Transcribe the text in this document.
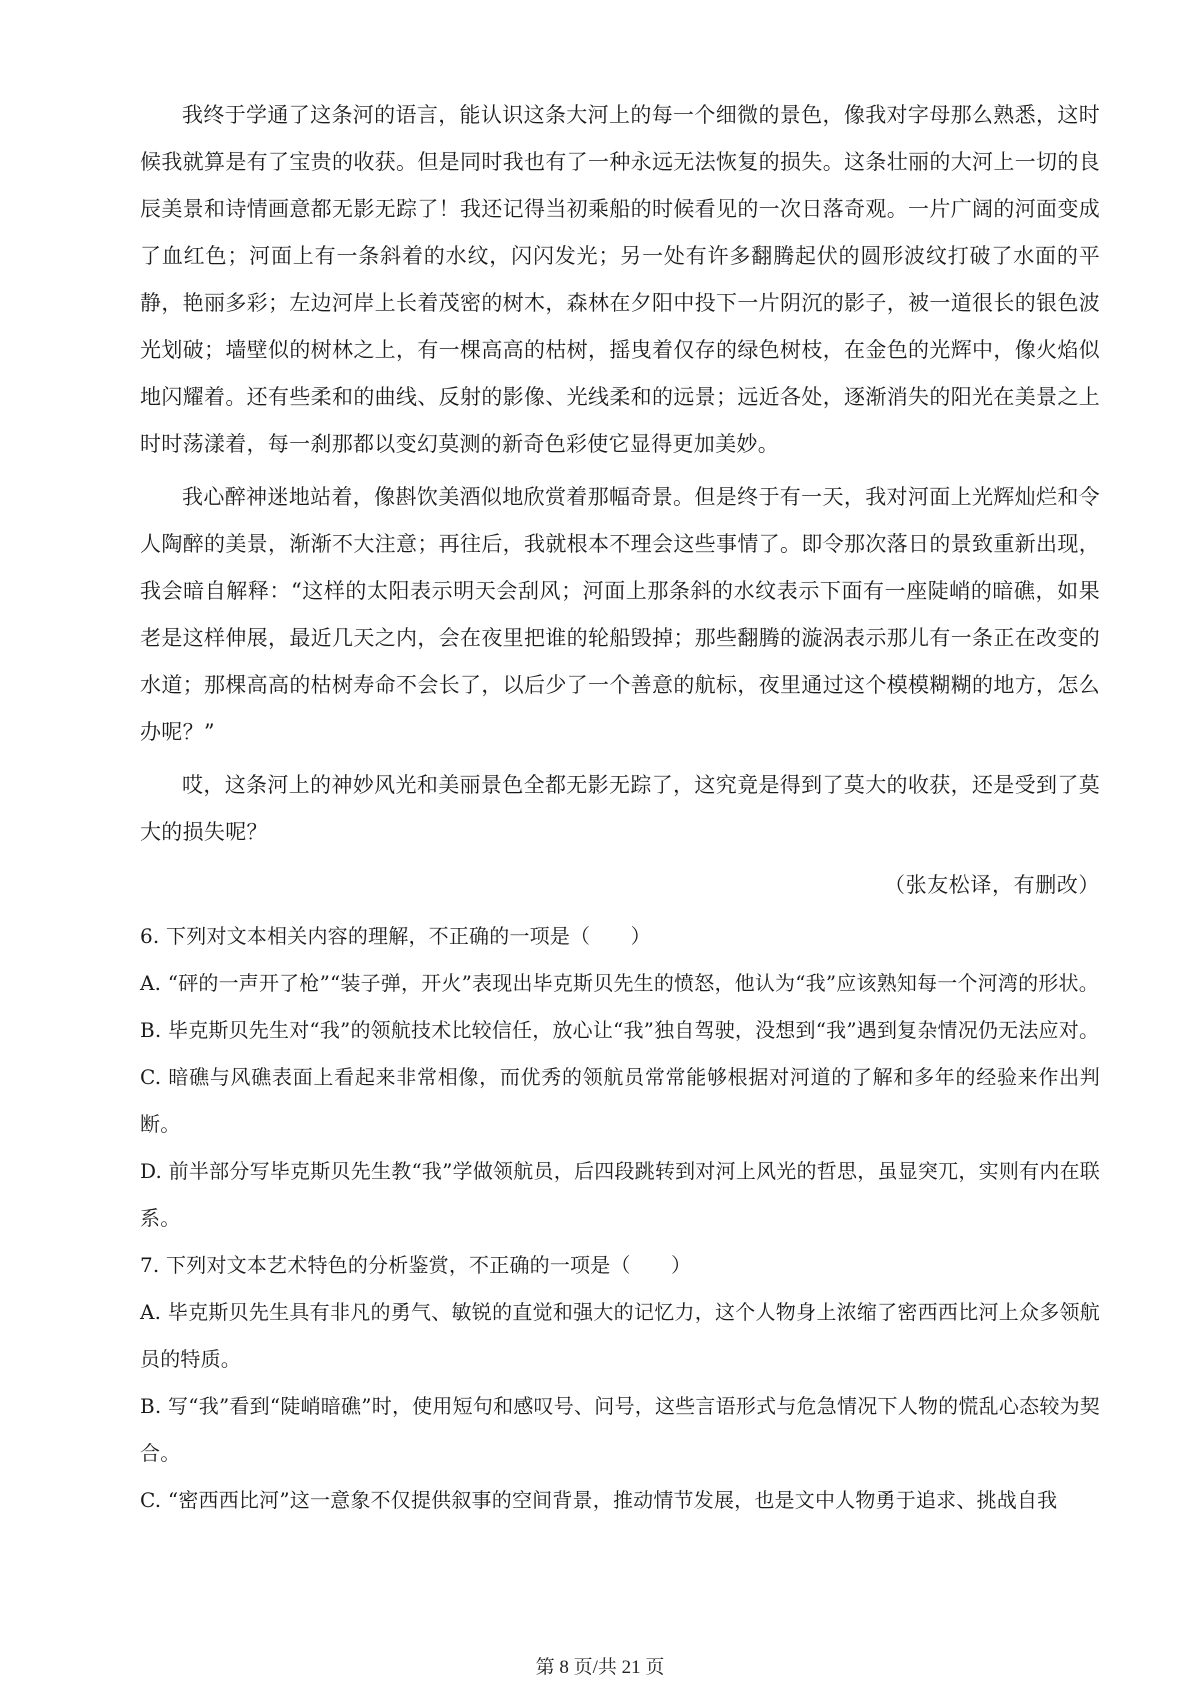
我终于学通了这条河的语言，能认识这条大河上的每一个细微的景色，像我对字母那么熟悉，这时候我就算是有了宝贵的收获。但是同时我也有了一种永远无法恢复的损失。这条壮丽的大河上一切的良辰美景和诗情画意都无影无踪了！我还记得当初乘船的时候看见的一次日落奇观。一片广阔的河面变成了血红色；河面上有一条斜着的水纹，闪闪发光；另一处有许多翻腾起伏的圆形波纹打破了水面的平静，艳丽多彩；左边河岸上长着茂密的树木，森林在夕阳中投下一片阴沉的影子，被一道很长的银色波光划破；墙壁似的树林之上，有一棵高高的枯树，摇曳着仅存的绿色树枝，在金色的光辉中，像火焰似地闪耀着。还有些柔和的曲线、反射的影像、光线柔和的远景；远近各处，逐渐消失的阳光在美景之上时时荡漾着，每一刹那都以变幻莫测的新奇色彩使它显得更加美妙。

我心醉神迷地站着，像斟饮美酒似地欣赏着那幅奇景。但是终于有一天，我对河面上光辉灿烂和令人陶醉的美景，渐渐不大注意；再往后，我就根本不理会这些事情了。即令那次落日的景致重新出现，我会暗自解释：“这样的太阳表示明天会刮风；河面上那条斜的水纹表示下面有一座陡峭的暗礁，如果老是这样伸展，最近几天之内，会在夜里把谁的轮船毁掉；那些翻腾的漩涡表示那儿有一条正在改变的水道；那棵高高的枯树寿命不会长了，以后少了一个善意的航标，夜里通过这个模模糊糊的地方，怎么办呢？”

哎，这条河上的神妙风光和美丽景色全都无影无踪了，这究竟是得到了莫大的收获，还是受到了莫大的损失呢？

（张友松译，有删改）

6. 下列对文本相关内容的理解，不正确的一项是（　　）

A. “砰的一声开了枪”“装子弹，开火”表现出毕克斯贝先生的愤怒，他认为“我”应该熟知每一个河湾的形状。

B. 毕克斯贝先生对“我”的领航技术比较信任，放心让“我”独自驾驶，没想到“我”遇到复杂情况仍无法应对。

C. 暗礁与风礁表面上看起来非常相像，而优秀的领航员常常能够根据对河道的了解和多年的经验来作出判断。

D. 前半部分写毕克斯贝先生教“我”学做领航员，后四段跳转到对河上风光的哲思，虽显突兀，实则有内在联系。

7. 下列对文本艺术特色的分析鉴赏，不正确的一项是（　　）

A. 毕克斯贝先生具有非凡的勇气、敏锐的直觉和强大的记忆力，这个人物身上浓缩了密西西比河上众多领航员的特质。

B. 写“我”看到“陡峭暗礁”时，使用短句和感叹号、问号，这些言语形式与危急情况下人物的慌乱心态较为契合。

C. “密西西比河”这一意象不仅提供叙事的空间背景，推动情节发展，也是文中人物勇于追求、挑战自我

第 8 页/共 21 页
